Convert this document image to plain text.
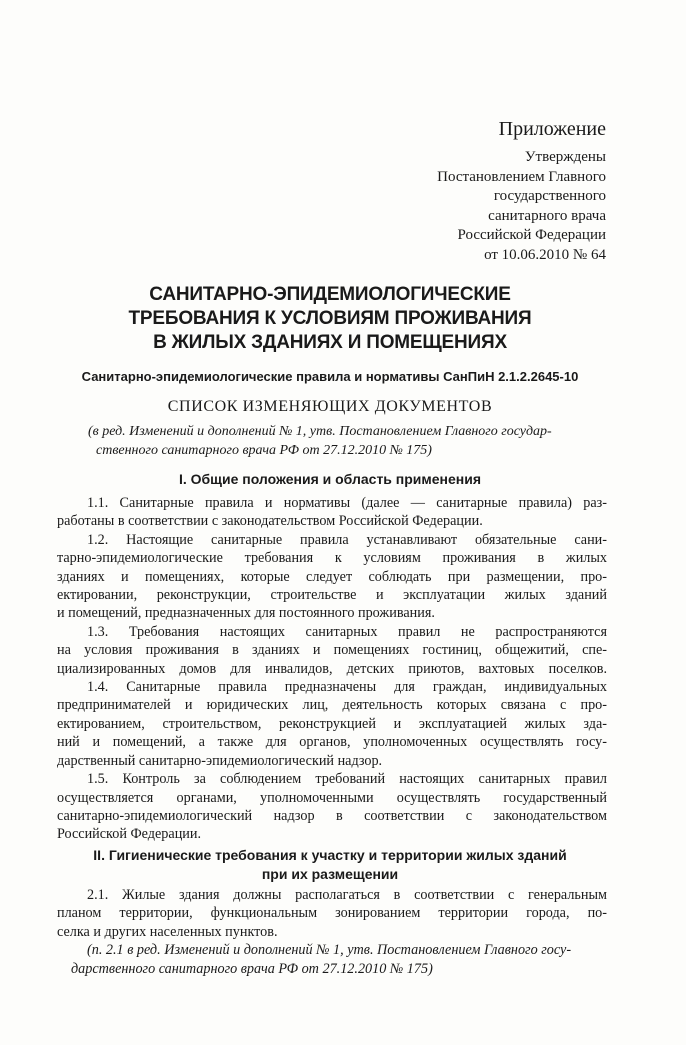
Приложение
Утверждены
Постановлением Главного
государственного
санитарного врача
Российской Федерации
от 10.06.2010 № 64
САНИТАРНО-ЭПИДЕМИОЛОГИЧЕСКИЕ
ТРЕБОВАНИЯ К УСЛОВИЯМ ПРОЖИВАНИЯ
В ЖИЛЫХ ЗДАНИЯХ И ПОМЕЩЕНИЯХ
Санитарно-эпидемиологические правила и нормативы СанПиН 2.1.2.2645-10
СПИСОК ИЗМЕНЯЮЩИХ ДОКУМЕНТОВ
(в ред. Изменений и дополнений № 1, утв. Постановлением Главного государ-
ственного санитарного врача РФ от 27.12.2010 № 175)
I. Общие положения и область применения
1.1. Санитарные правила и нормативы (далее — санитарные правила) раз-
работаны в соответствии с законодательством Российской Федерации.
1.2. Настоящие санитарные правила устанавливают обязательные сани-
тарно-эпидемиологические требования к условиям проживания в жилых
зданиях и помещениях, которые следует соблюдать при размещении, про-
ектировании, реконструкции, строительстве и эксплуатации жилых зданий
и помещений, предназначенных для постоянного проживания.
1.3. Требования настоящих санитарных правил не распространяются
на условия проживания в зданиях и помещениях гостиниц, общежитий, спе-
циализированных домов для инвалидов, детских приютов, вахтовых поселков.
1.4. Санитарные правила предназначены для граждан, индивидуальных
предпринимателей и юридических лиц, деятельность которых связана с про-
ектированием, строительством, реконструкцией и эксплуатацией жилых зда-
ний и помещений, а также для органов, уполномоченных осуществлять госу-
дарственный санитарно-эпидемиологический надзор.
1.5. Контроль за соблюдением требований настоящих санитарных правил
осуществляется органами, уполномоченными осуществлять государственный
санитарно-эпидемиологический надзор в соответствии с законодательством
Российской Федерации.
II. Гигиенические требования к участку и территории жилых зданий
при их размещении
2.1. Жилые здания должны располагаться в соответствии с генеральным
планом территории, функциональным зонированием территории города, по-
селка и других населенных пунктов.
(п. 2.1 в ред. Изменений и дополнений № 1, утв. Постановлением Главного госу-
дарственного санитарного врача РФ от 27.12.2010 № 175)
